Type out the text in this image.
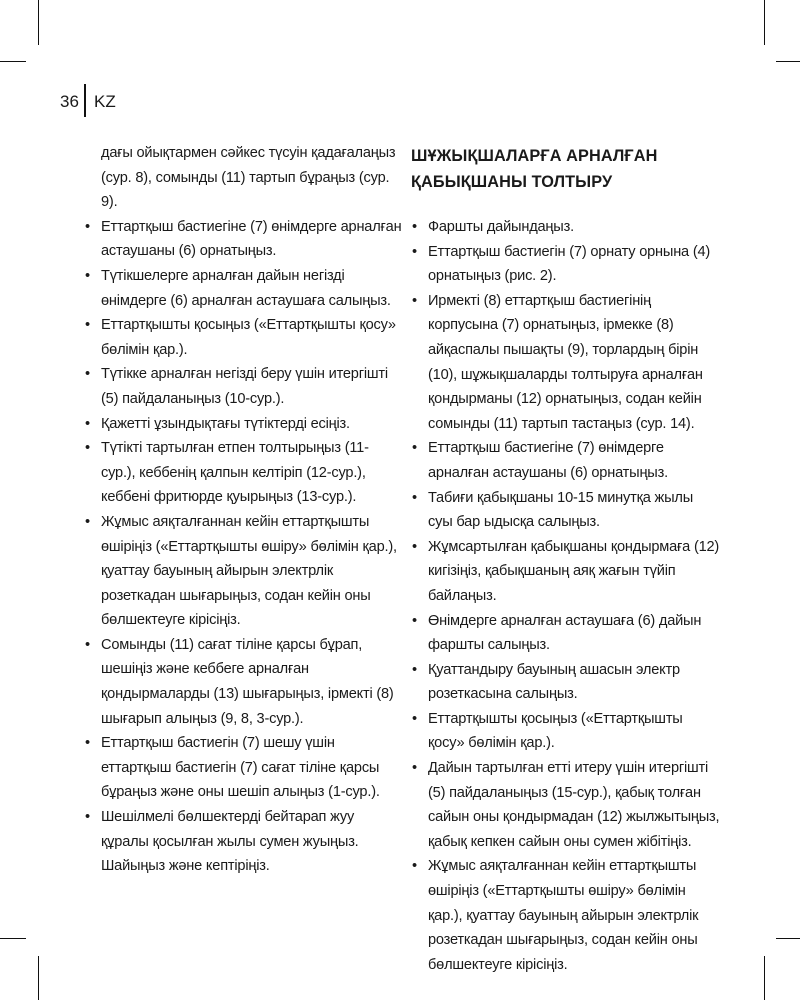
36 KZ

дағы ойықтармен сәйкес түсуін қадағалаңыз (сур. 8), сомынды (11) тартып бұраңыз (сур. 9).

• Еттартқыш бастиегіне (7) өнімдерге арналған астаушаны (6) орнатыңыз.
• Түтікшелерге арналған дайын негізді өнімдерге (6) арналған астаушаға салыңыз.
• Еттартқышты қосыңыз («Еттартқышты қосу» бөлімін қар.).
• Түтікке арналған негізді беру үшін итергішті (5) пайдаланыңыз (10-сур.).
• Қажетті ұзындықтағы түтіктерді есіңіз.
• Түтікті тартылған етпен толтырыңыз (11-сур.), кеббенің қалпын келтіріп (12-сур.), кеббені фритюрде қуырыңыз (13-сур.).
• Жұмыс аяқталғаннан кейін еттартқышты өшіріңіз («Еттартқышты өшіру» бөлімін қар.), қуаттау бауының айырын электрлік розеткадан шығарыңыз, содан кейін оны бөлшектеуге кірісіңіз.
• Сомынды (11) сағат тіліне қарсы бұрап, шешіңіз және кеббеге арналған қондырмаларды (13) шығарыңыз, ірмекті (8) шығарып алыңыз (9, 8, 3-сур.).
• Еттартқыш бастиегін (7) шешу үшін еттартқыш бастиегін (7) сағат тіліне қарсы бұраңыз және оны шешіп алыңыз (1-сур.).
• Шешілмелі бөлшектерді бейтарап жуу құралы қосылған жылы сумен жуыңыз. Шайыңыз және кептіріңіз.
ШҰЖЫҚШАЛАРҒА АРНАЛҒАН ҚАБЫҚШАНЫ ТОЛТЫРУ
• Фаршты дайындаңыз.
• Еттартқыш бастиегін (7) орнату орнына (4) орнатыңыз (рис. 2).
• Ирмекті (8) еттартқыш бастиегінің корпусына (7) орнатыңыз, ірмекке (8) айқаспалы пышақты (9), торлардың бірін (10), шұжықшаларды толтыруға арналған қондырманы (12) орнатыңыз, содан кейін сомынды (11) тартып тастаңыз (сур. 14).
• Еттартқыш бастиегіне (7) өнімдерге арналған астаушаны (6) орнатыңыз.
• Табиғи қабықшаны 10-15 минутқа жылы суы бар ыдысқа салыңыз.
• Жұмсартылған қабықшаны қондырмаға (12) кигізіңіз, қабықшаның аяқ жағын түйіп байлаңыз.
• Өнімдерге арналған астаушаға (6) дайын фаршты салыңыз.
• Қуаттандыру бауының ашасын электр розеткасына салыңыз.
• Еттартқышты қосыңыз («Еттартқышты қосу» бөлімін қар.).
• Дайын тартылған етті итеру үшін итергішті (5) пайдаланыңыз (15-сур.), қабық толған сайын оны қондырмадан (12) жылжытыңыз, қабық кепкен сайын оны сумен жібітіңіз.
• Жұмыс аяқталғаннан кейін еттартқышты өшіріңіз («Еттартқышты өшіру» бөлімін қар.), қуаттау бауының айырын электрлік розеткадан шығарыңыз, содан кейін оны бөлшектеуге кірісіңіз.
